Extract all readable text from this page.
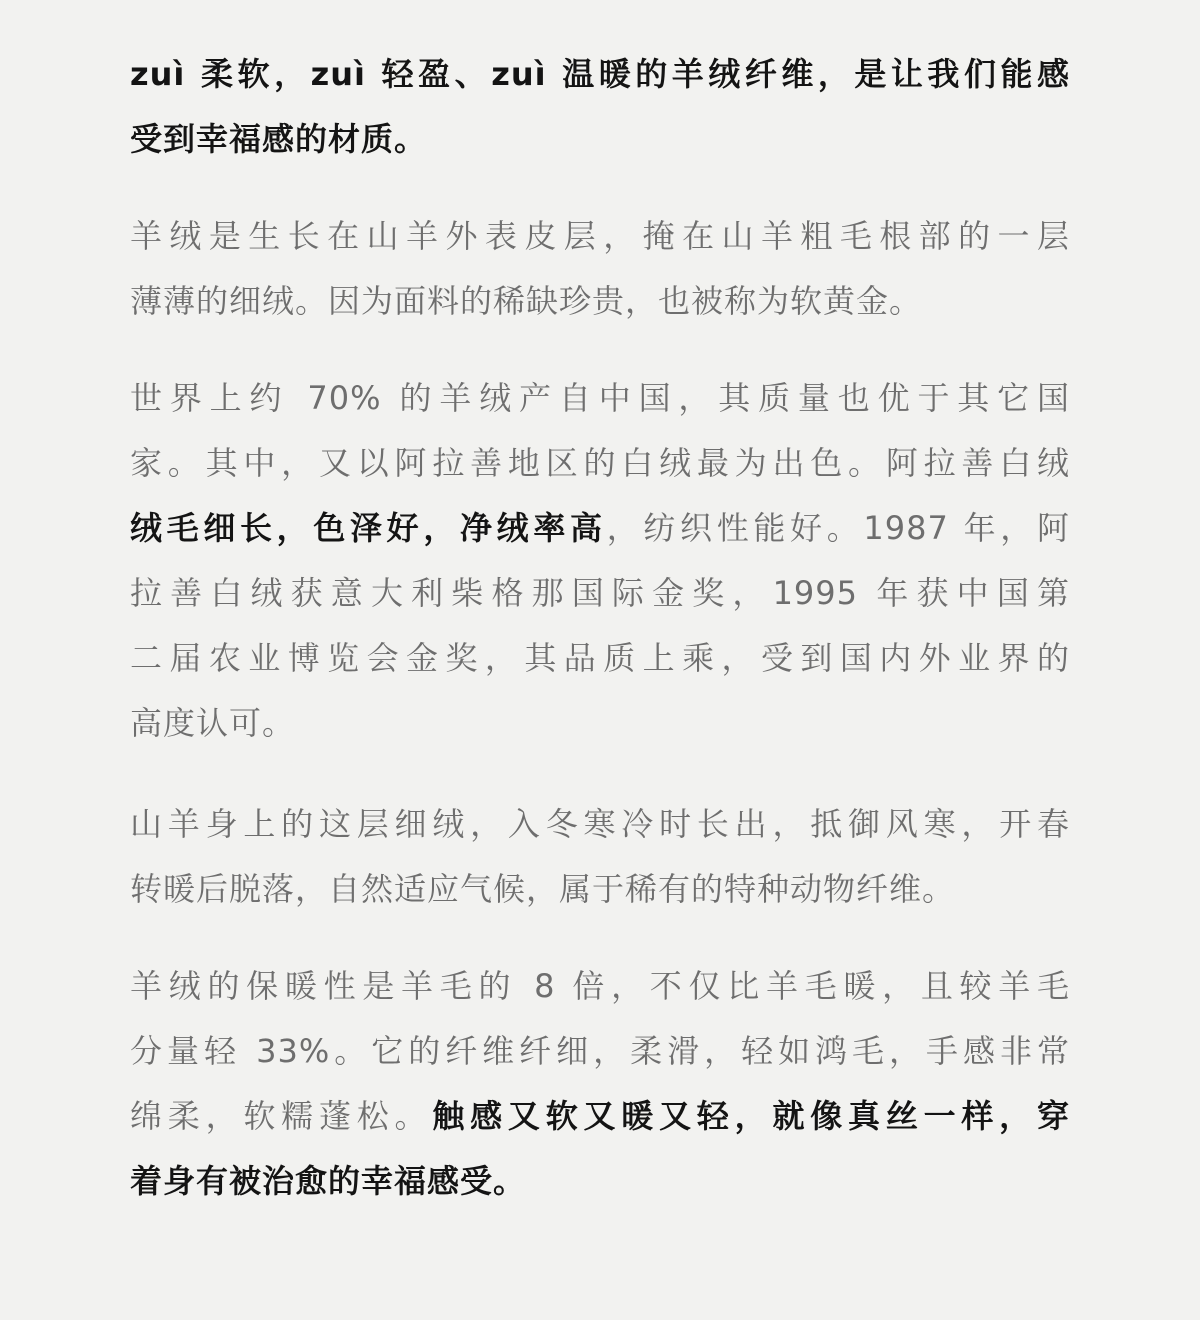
zuì 柔软，zuì 轻盈、zuì 温暖的羊绒纤维，是让我们能感
受到幸福感的材质。
羊绒是生长在山羊外表皮层，掩在山羊粗毛根部的一层
薄薄的细绒。因为面料的稀缺珍贵，也被称为软黄金。
世界上约 70% 的羊绒产自中国，其质量也优于其它国
家。其中，又以阿拉善地区的白绒最为出色。阿拉善白绒
绒毛细长，色泽好，净绒率高，纺织性能好。1987 年，阿
拉善白绒获意大利柴格那国际金奖，1995 年获中国第
二届农业博览会金奖，其品质上乘，受到国内外业界的
高度认可。
山羊身上的这层细绒，入冬寒冷时长出，抵御风寒，开春
转暖后脱落，自然适应气候，属于稀有的特种动物纤维。
羊绒的保暖性是羊毛的 8 倍，不仅比羊毛暖，且较羊毛
分量轻 33%。它的纤维纤细，柔滑，轻如鸿毛，手感非常
绵柔，软糯蓬松。触感又软又暖又轻，就像真丝一样，穿
着身有被治愈的幸福感受。
